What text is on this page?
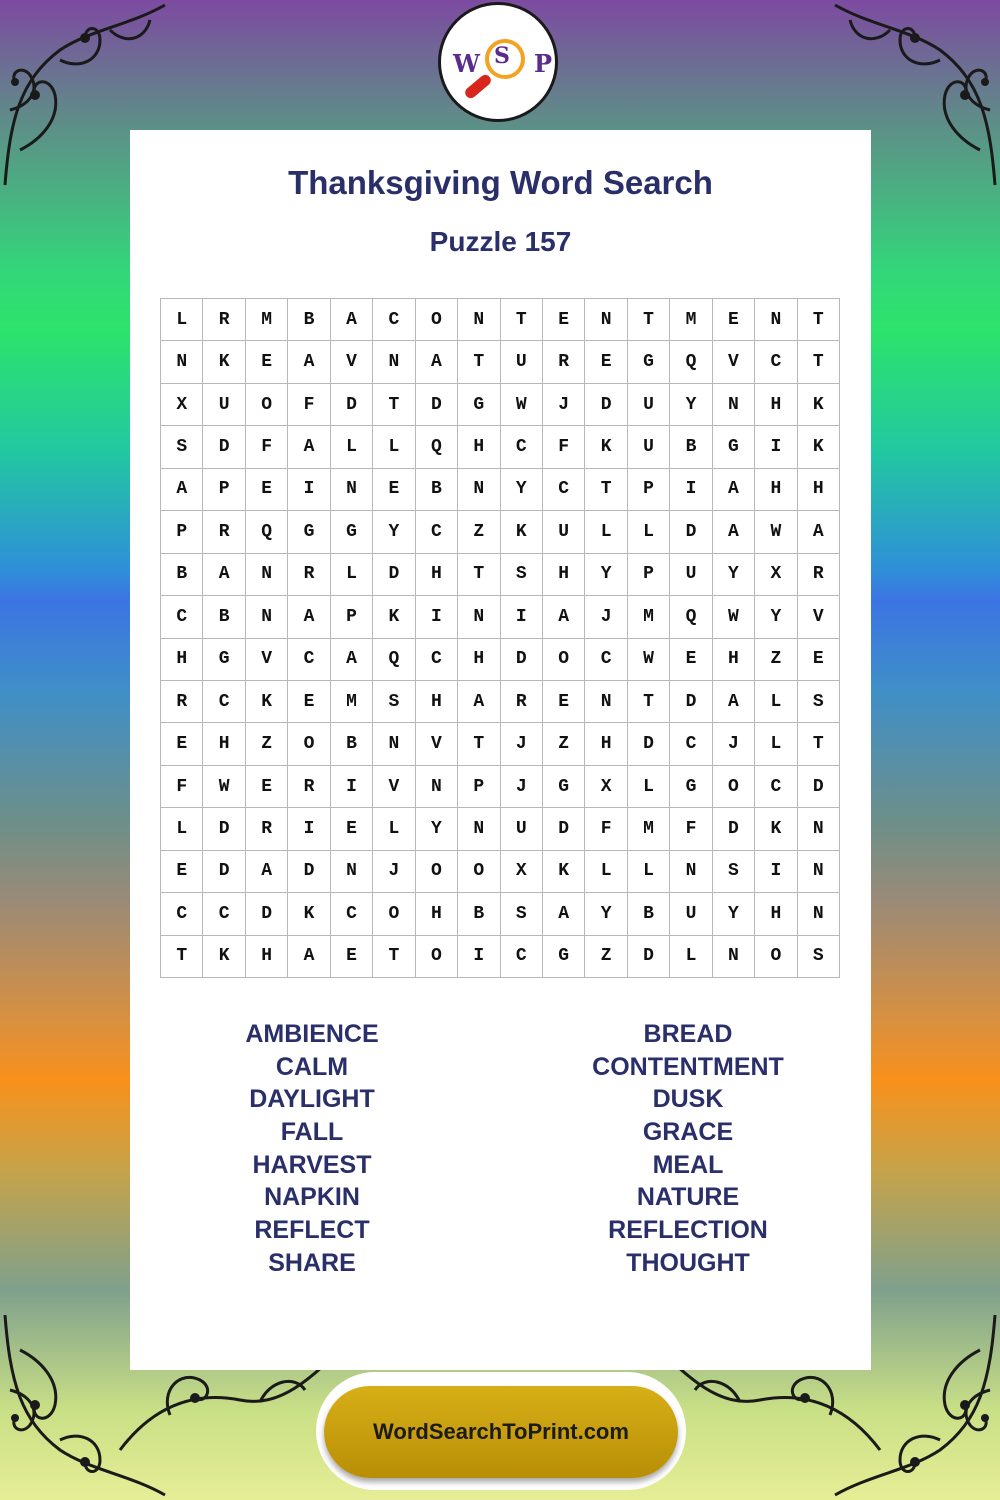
W S P
Thanksgiving Word Search
Puzzle 157
L	R	M	B	A	C	O	N	T	E	N	T	M	E	N	T
N	K	E	A	V	N	A	T	U	R	E	G	Q	V	C	T
X	U	O	F	D	T	D	G	W	J	D	U	Y	N	H	K
S	D	F	A	L	L	Q	H	C	F	K	U	B	G	I	K
A	P	E	I	N	E	B	N	Y	C	T	P	I	A	H	H
P	R	Q	G	G	Y	C	Z	K	U	L	L	D	A	W	A
B	A	N	R	L	D	H	T	S	H	Y	P	U	Y	X	R
C	B	N	A	P	K	I	N	I	A	J	M	Q	W	Y	V
H	G	V	C	A	Q	C	H	D	O	C	W	E	H	Z	E
R	C	K	E	M	S	H	A	R	E	N	T	D	A	L	S
E	H	Z	O	B	N	V	T	J	Z	H	D	C	J	L	T
F	W	E	R	I	V	N	P	J	G	X	L	G	O	C	D
L	D	R	I	E	L	Y	N	U	D	F	M	F	D	K	N
E	D	A	D	N	J	O	O	X	K	L	L	N	S	I	N
C	C	D	K	C	O	H	B	S	A	Y	B	U	Y	H	N
T	K	H	A	E	T	O	I	C	G	Z	D	L	N	O	S
AMBIENCE
CALM
DAYLIGHT
FALL
HARVEST
NAPKIN
REFLECT
SHARE
BREAD
CONTENTMENT
DUSK
GRACE
MEAL
NATURE
REFLECTION
THOUGHT
WordSearchToPrint.com
